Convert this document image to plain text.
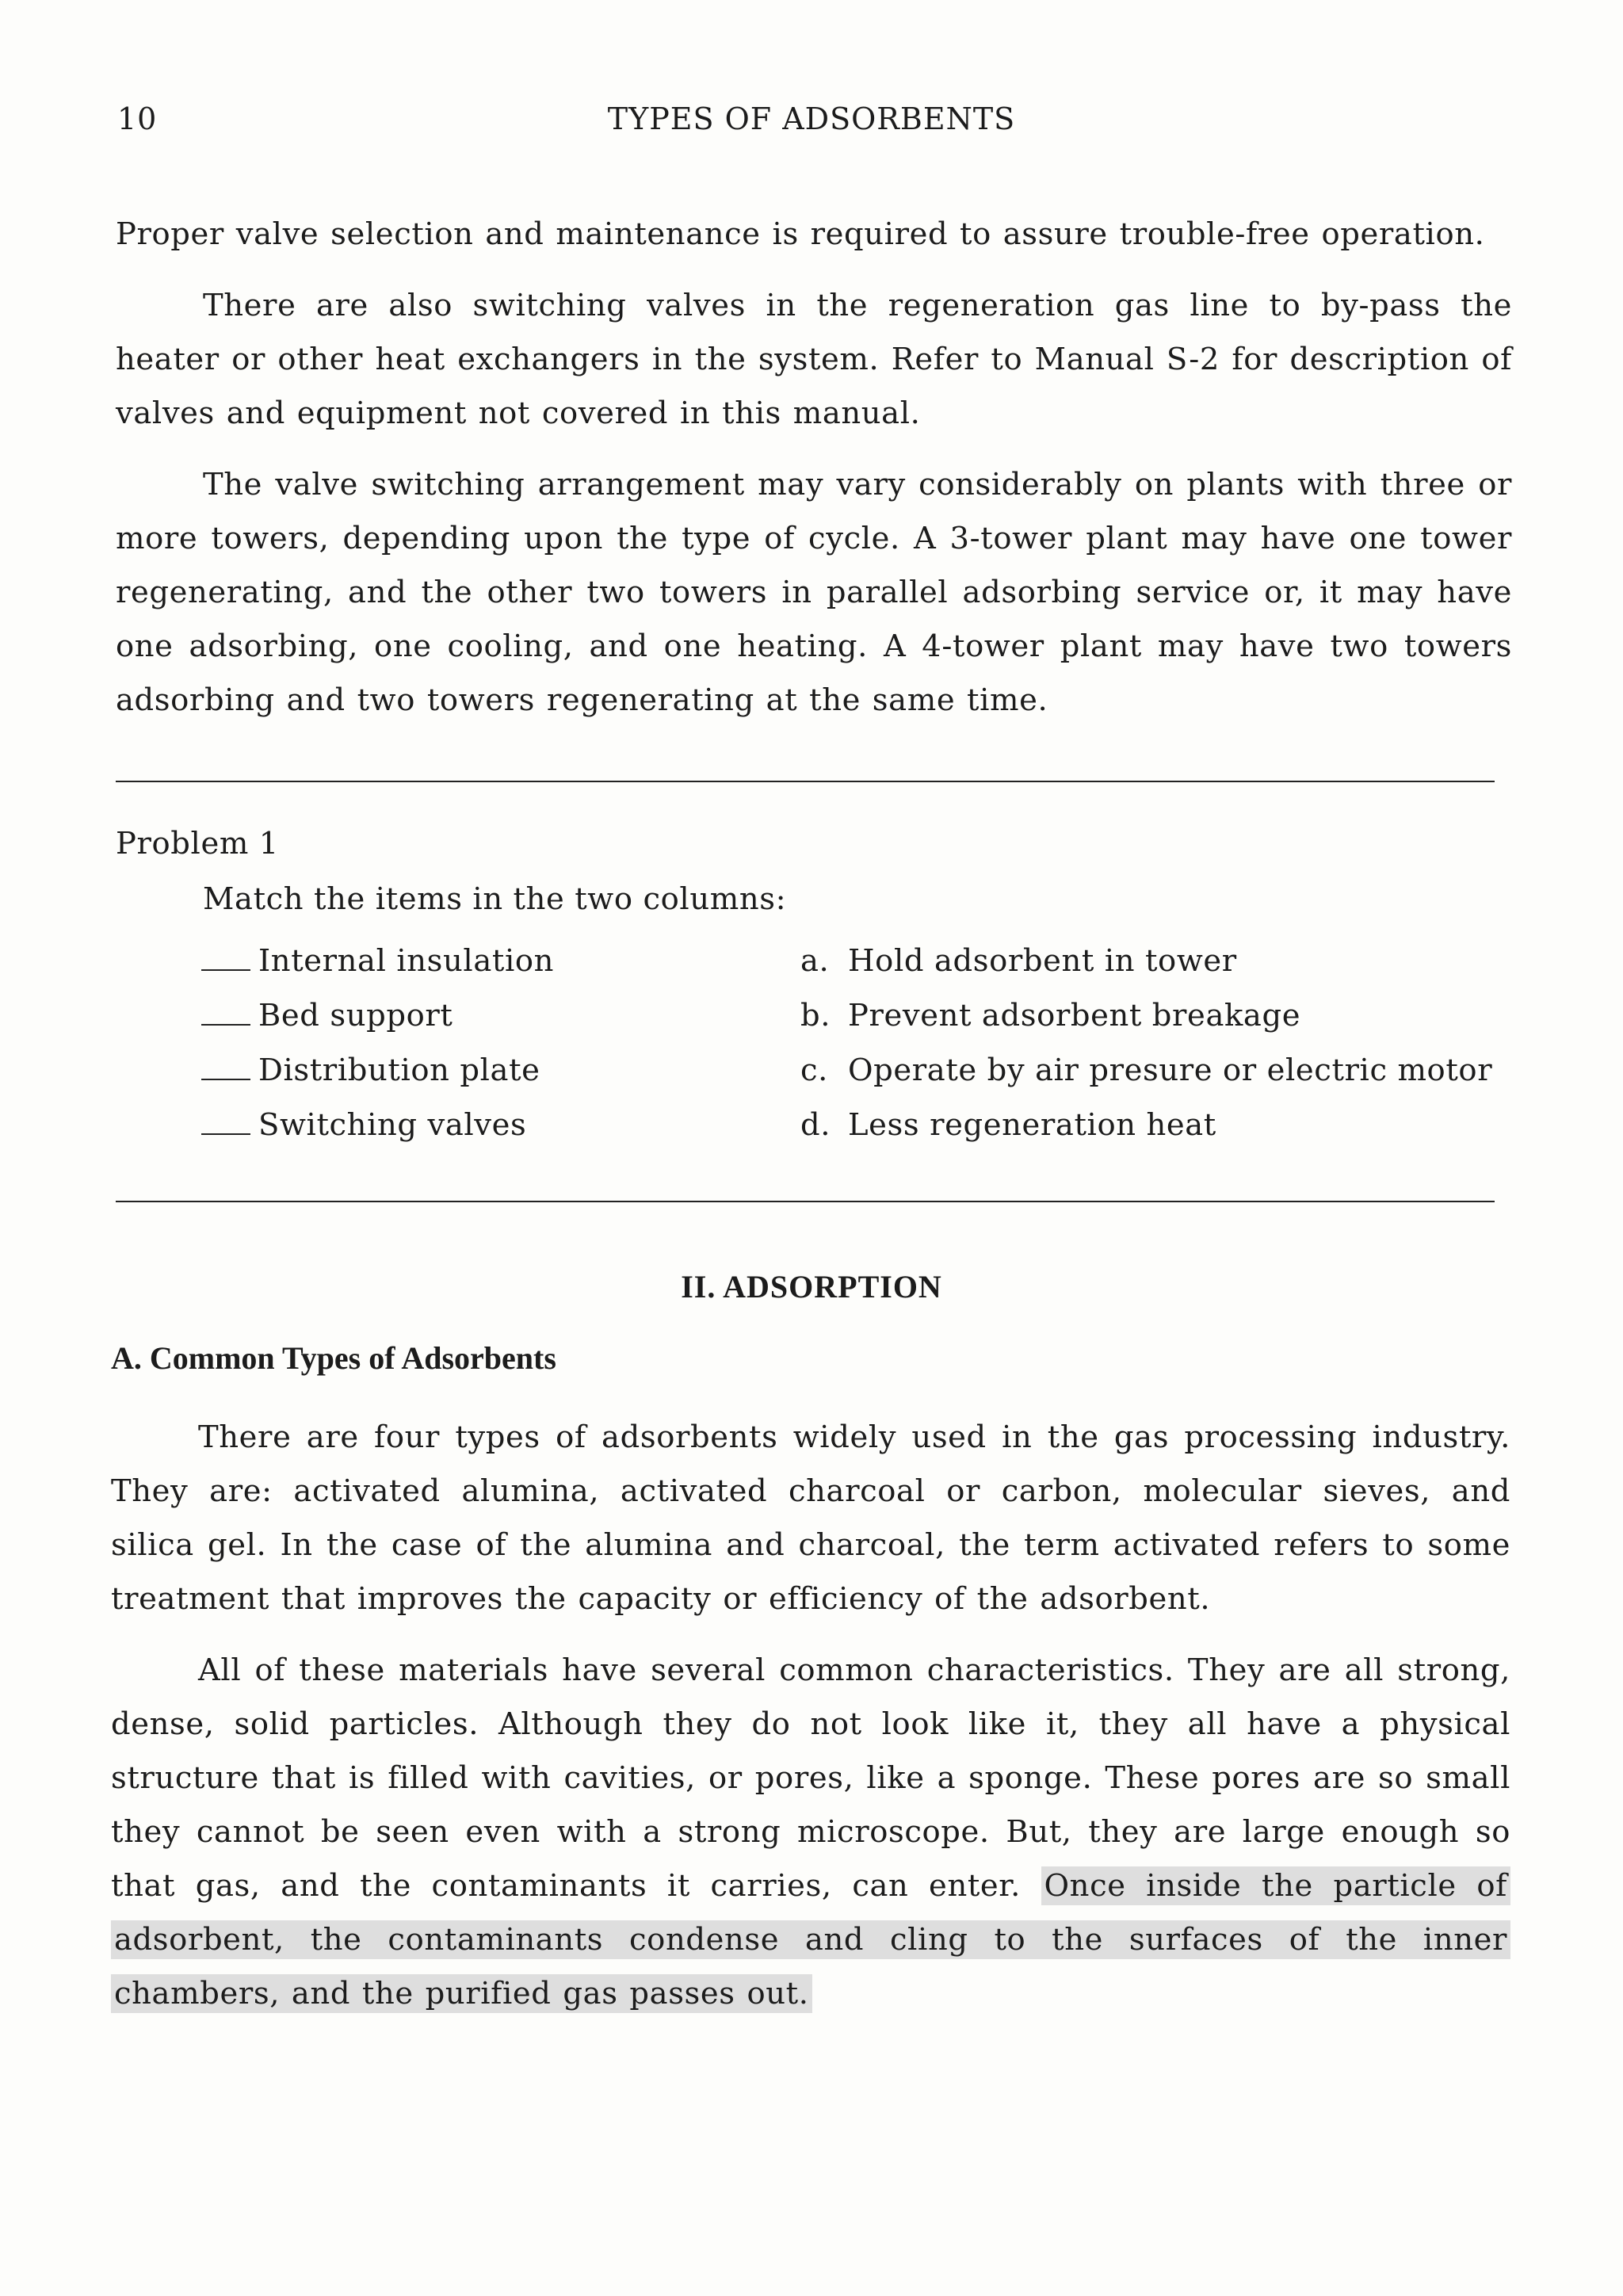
10	TYPES OF ADSORBENTS

Proper valve selection and maintenance is required to assure trouble-free operation.

There are also switching valves in the regeneration gas line to by-pass the heater or other heat exchangers in the system. Refer to Manual S-2 for description of valves and equipment not covered in this manual.

The valve switching arrangement may vary considerably on plants with three or more towers, depending upon the type of cycle. A 3-tower plant may have one tower regenerating, and the other two towers in parallel adsorbing service or, it may have one adsorbing, one cooling, and one heating. A 4-tower plant may have two towers adsorbing and two towers regenerating at the same time.

Problem 1
Match the items in the two columns:
Internal insulation
Bed support
Distribution plate
Switching valves
a. Hold adsorbent in tower
b. Prevent adsorbent breakage
c. Operate by air presure or electric motor
d. Less regeneration heat
II. ADSORPTION
A. Common Types of Adsorbents

There are four types of adsorbents widely used in the gas processing industry. They are: activated alumina, activated charcoal or carbon, molecular sieves, and silica gel. In the case of the alumina and charcoal, the term activated refers to some treatment that improves the capacity or efficiency of the adsorbent.

All of these materials have several common characteristics. They are all strong, dense, solid particles. Although they do not look like it, they all have a physical structure that is filled with cavities, or pores, like a sponge. These pores are so small they cannot be seen even with a strong microscope. But, they are large enough so that gas, and the contaminants it carries, can enter. Once inside the particle of adsorbent, the contaminants condense and cling to the surfaces of the inner chambers, and the purified gas passes out.
